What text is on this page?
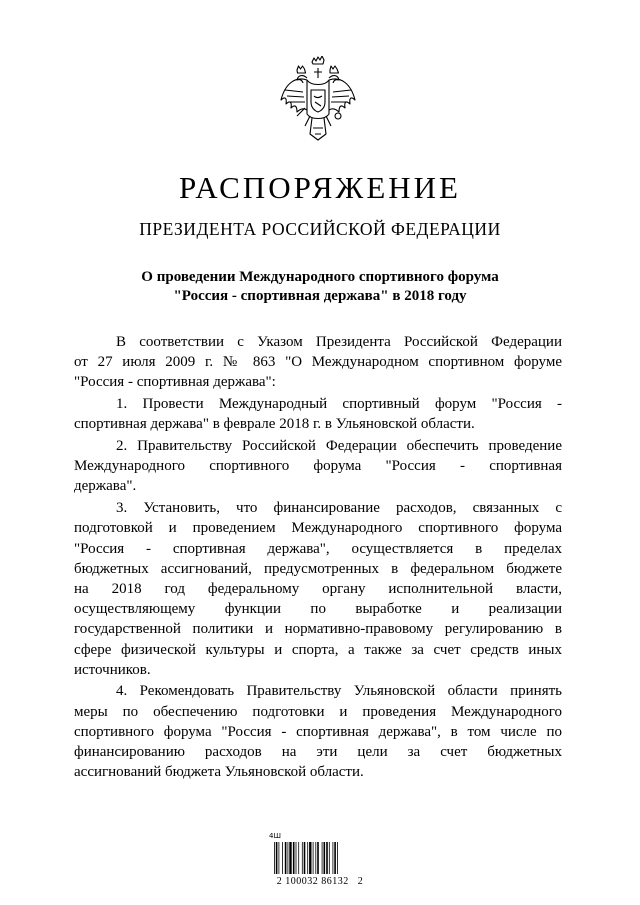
РАСПОРЯЖЕНИЕ
ПРЕЗИДЕНТА РОССИЙСКОЙ ФЕДЕРАЦИИ
О проведении Международного спортивного форума
"Россия - спортивная держава" в 2018 году

В соответствии с Указом Президента Российской Федерации
от 27 июля 2009 г. № 863 "О Международном спортивном форуме
"Россия - спортивная держава":

1. Провести Международный спортивный форум "Россия -
спортивная держава" в феврале 2018 г. в Ульяновской области.

2. Правительству Российской Федерации обеспечить проведение
Международного спортивного форума "Россия - спортивная
держава".

3. Установить, что финансирование расходов, связанных с
подготовкой и проведением Международного спортивного форума
"Россия - спортивная держава", осуществляется в пределах
бюджетных ассигнований, предусмотренных в федеральном бюджете
на 2018 год федеральному органу исполнительной власти,
осуществляющему функции по выработке и реализации
государственной политики и нормативно-правовому регулированию в
сфере физической культуры и спорта, а также за счет средств иных
источников.

4. Рекомендовать Правительству Ульяновской области принять
меры по обеспечению подготовки и проведения Международного
спортивного форума "Россия - спортивная держава", в том числе по
финансированию расходов на эти цели за счет бюджетных
ассигнований бюджета Ульяновской области.

4Ш
2 100032 86132   2
